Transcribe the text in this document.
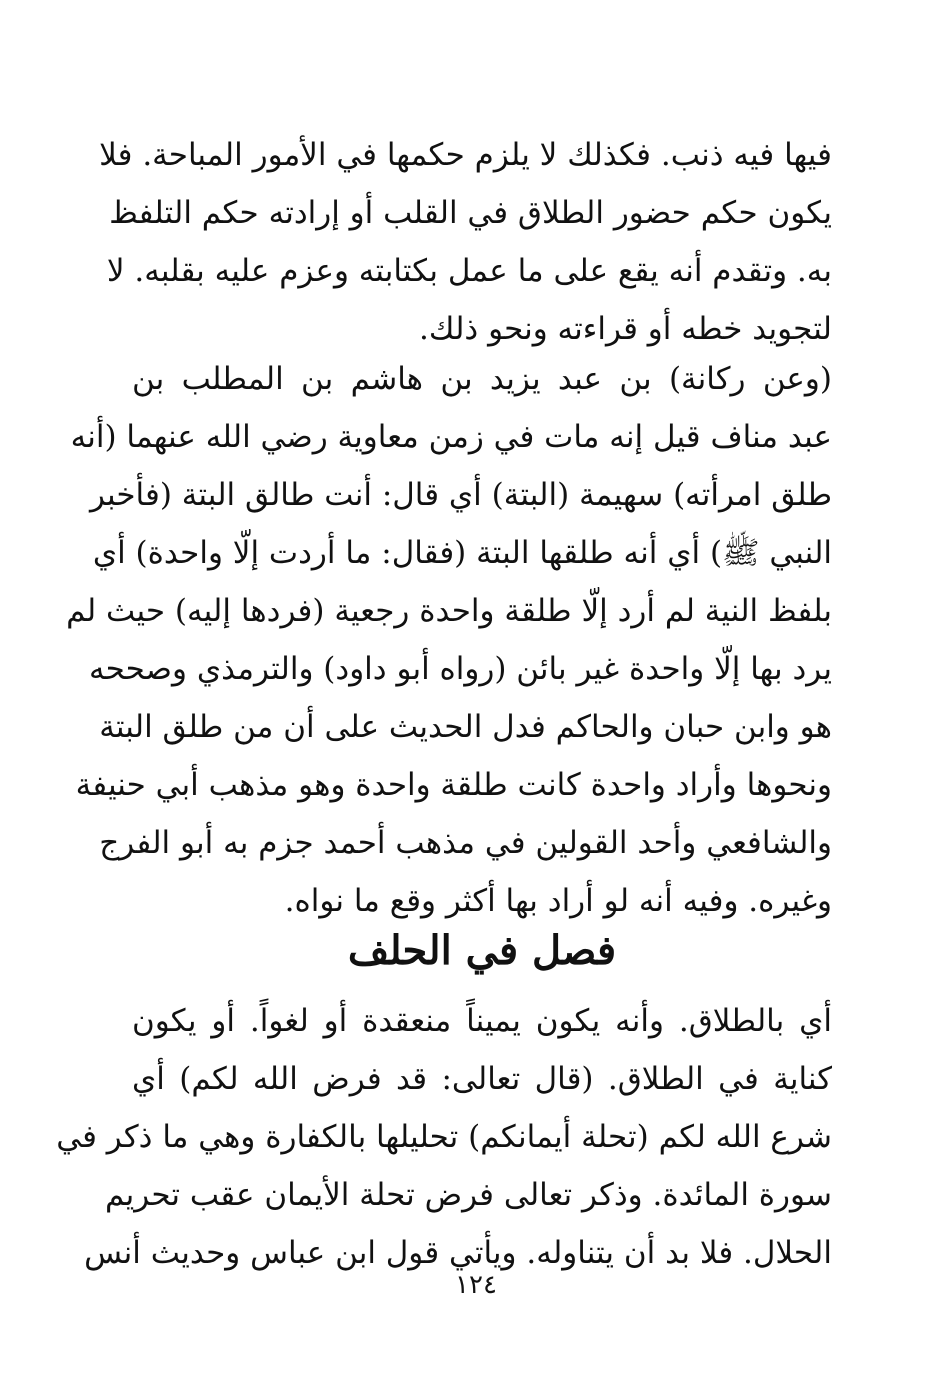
فيها فيه ذنب. فكذلك لا يلزم حكمها في الأمور المباحة. فلا
يكون حكم حضور الطلاق في القلب أو إرادته حكم التلفظ
به. وتقدم أنه يقع على ما عمل بكتابته وعزم عليه بقلبه. لا
لتجويد خطه أو قراءته ونحو ذلك.
(وعن ركانة) بن عبد يزيد بن هاشم بن المطلب بن
عبد مناف قيل إنه مات في زمن معاوية رضي الله عنهما (أنه
طلق امرأته) سهيمة (البتة) أي قال: أنت طالق البتة (فأخبر
النبي ﷺ) أي أنه طلقها البتة (فقال: ما أردت إلّا واحدة) أي
بلفظ النية لم أرد إلّا طلقة واحدة رجعية (فردها إليه) حيث لم
يرد بها إلّا واحدة غير بائن (رواه أبو داود) والترمذي وصححه
هو وابن حبان والحاكم فدل الحديث على أن من طلق البتة
ونحوها وأراد واحدة كانت طلقة واحدة وهو مذهب أبي حنيفة
والشافعي وأحد القولين في مذهب أحمد جزم به أبو الفرج
وغيره. وفيه أنه لو أراد بها أكثر وقع ما نواه.
فصل في الحلف
أي بالطلاق. وأنه يكون يميناً منعقدة أو لغواً. أو يكون
كناية في الطلاق. (قال تعالى: قد فرض الله لكم) أي
شرع الله لكم (تحلة أيمانكم) تحليلها بالكفارة وهي ما ذكر في
سورة المائدة. وذكر تعالى فرض تحلة الأيمان عقب تحريم
الحلال. فلا بد أن يتناوله. ويأتي قول ابن عباس وحديث أنس
١٢٤
